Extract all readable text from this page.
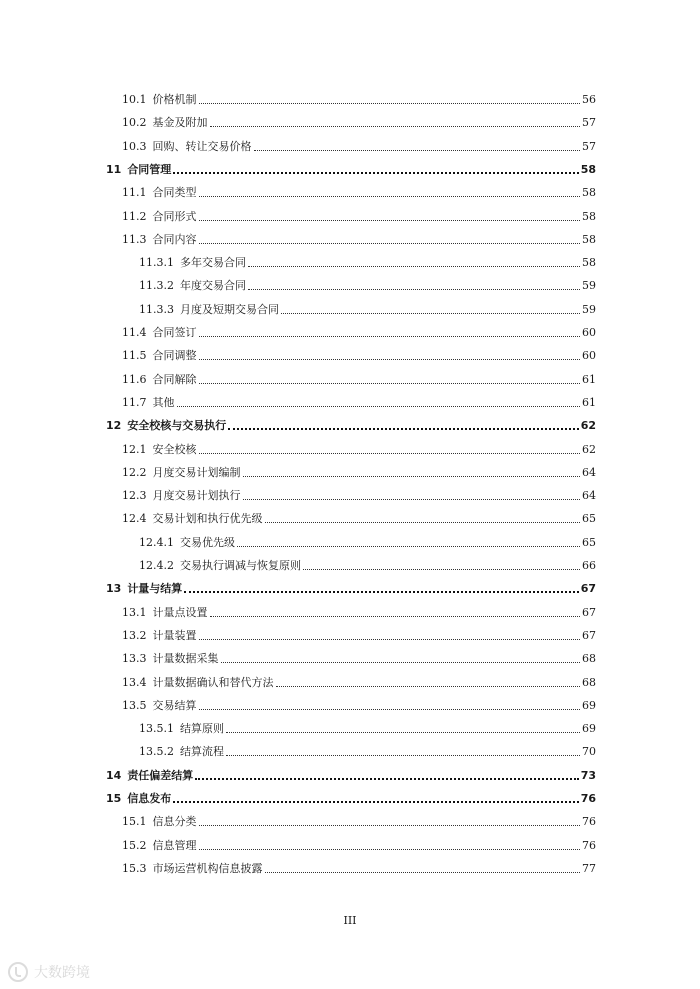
10.1 价格机制	56
10.2 基金及附加	57
10.3 回购、转让交易价格	57
11 合同管理	58
11.1 合同类型	58
11.2 合同形式	58
11.3 合同内容	58
11.3.1 多年交易合同	58
11.3.2 年度交易合同	59
11.3.3 月度及短期交易合同	59
11.4 合同签订	60
11.5 合同调整	60
11.6 合同解除	61
11.7 其他	61
12 安全校核与交易执行	62
12.1 安全校核	62
12.2 月度交易计划编制	64
12.3 月度交易计划执行	64
12.4 交易计划和执行优先级	65
12.4.1 交易优先级	65
12.4.2 交易执行调减与恢复原则	66
13 计量与结算	67
13.1 计量点设置	67
13.2 计量装置	67
13.3 计量数据采集	68
13.4 计量数据确认和替代方法	68
13.5 交易结算	69
13.5.1 结算原则	69
13.5.2 结算流程	70
14 责任偏差结算	73
15 信息发布	76
15.1 信息分类	76
15.2 信息管理	76
15.3 市场运营机构信息披露	77
III
大数跨境
